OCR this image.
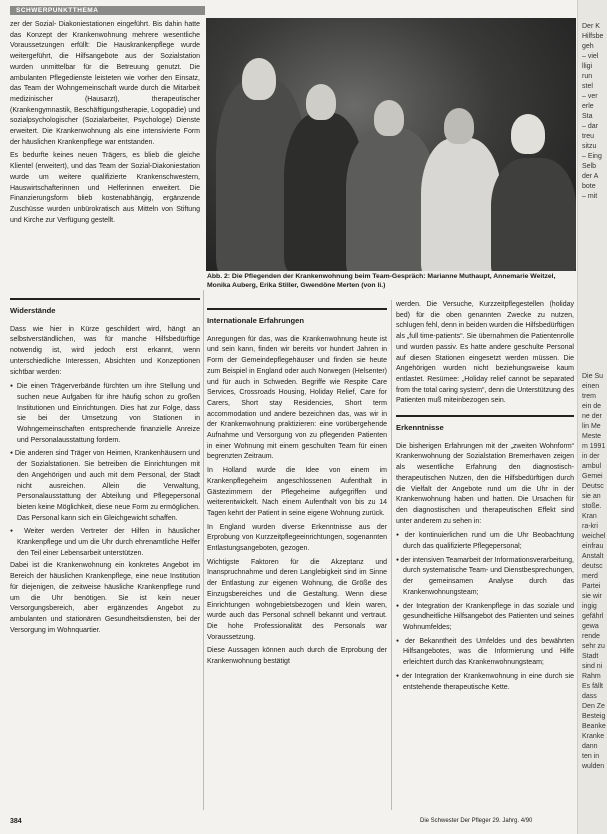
SCHWERPUNKTTHEMA

zer der Sozial- Diakoniestationen eingeführt. Bis dahin hatte das Konzept der Krankenwohnung mehrere wesentliche Voraussetzungen erfüllt: Die Hauskrankenpflege wurde weitergeführt, die Hilfsangebote aus der Sozialstation wurden unmittelbar für die Betreuung genutzt. Die ambulanten Pflegedienste leisteten wie vorher den Einsatz, das Team der Wohngemeinschaft wurde durch die Mitarbeit medizinischer (Hausarzt), therapeutischer (Krankengymnastik, Beschäftigungstherapie, Logopädie) und sozialpsychologischer (Sozialarbeiter, Psychologe) Dienste erweitert. Die Krankenwohnung als eine intensivierte Form der häuslichen Krankenpflege war entstanden.

Es bedurfte keines neuen Trägers, es blieb die gleiche Klientel (erweitert), und das Team der Sozial-Diakoniestation wurde um weitere qualifizierte Krankenschwestern, Hauswirtschafterinnen und Helferinnen erweitert. Die Finanzierungsform blieb kostenabhängig, ergänzende Zuschüsse wurden unbürokratisch aus Mitteln von Stiftung und Kirche zur Verfügung gestellt.

Abb. 2: Die Pflegenden der Krankenwohnung beim Team-Gespräch: Marianne Muthaupt, Annemarie Weitzel, Monika Auberg, Erika Stiller, Gwendöne Merten (von li.)
Widerstände

Dass wie hier in Kürze geschildert wird, hängt an selbstverständlichen, was für manche Hilfsbedürftige notwendig ist, wird jedoch erst erkannt, wenn unterschiedliche Interessen, Absichten und Konzeptionen sichtbar werden:

● Die einen Trägerverbände fürchten um ihre Stellung und suchen neue Aufgaben für ihre häufig schon zu großen Institutionen und Einrichtungen. Dies hat zur Folge, dass sie bei der Umsetzung von Stationen in Wohngemeinschaften entsprechende finanzielle Anreize und Personalausstattung fordern.
● Die anderen sind Träger von Heimen, Krankenhäusern und der Sozialstationen. Sie betreiben die Einrichtungen mit den Angehörigen und auch mit dem Personal, der Stadt nicht ausreichen. Allein die Verwaltung, Personalausstattung der Abteilung und Pflegepersonal bieten keine Möglichkeit, diese neue Form zu ermöglichen. Das Personal kann sich ein Gleichgewicht schaffen.
● Weiter werden Vertreter der Hilfen in häuslicher Krankenpflege und um die Uhr durch ehrenamtliche Helfer den Teil einer Lebensarbeit unterstützen.

Dabei ist die Krankenwohnung ein konkretes Angebot im Bereich der häuslichen Krankenpflege, eine neue Institution für diejenigen, die zeitweise häusliche Krankenpflege rund um die Uhr benötigen. Sie ist kein neuer Versorgungsbereich, aber ergänzendes Angebot zu ambulanten und stationären Gesundheitsdiensten, bei der Versorgung im Wohnquartier.

Internationale Erfahrungen

Anregungen für das, was die Krankenwohnung heute ist und sein kann, finden wir bereits vor hundert Jahren in Form der Gemeindepflegehäuser und finden sie heute zum Beispiel in England oder auch Norwegen (Helsenter) und für auch in Schweden. Begriffe wie Respite Care Services, Crossroads Housing, Holiday Relief, Care for Carers, Short stay Residencies, Short term accommodation und andere bezeichnen das, was wir in der Krankenwohnung praktizieren: eine vorübergehende Aufnahme und Versorgung von zu pflegenden Patienten in einer Wohnung mit einem geschulten Team für einen begrenzten Zeitraum.

In Holland wurde die Idee von einem im Krankenpflegeheim angeschlossenen Aufenthalt in Gästezimmern der Pflegeheime aufgegriffen und weiterentwickelt. Nach einem Aufenthalt von bis zu 14 Tagen kehrt der Patient in seine eigene Wohnung zurück.

In England wurden diverse Erkenntnisse aus der Erprobung von Kurzzeitpflegeeinrichtungen, sogenannten Entlastungsangeboten, gezogen.

Wichtigste Faktoren für die Akzeptanz und Inanspruchnahme und deren Langlebigkeit sind im Sinne der Entlastung zur eigenen Wohnung, die Größe des Einzugsbereiches und die Gestaltung. Wenn diese Einrichtungen wohngebietsbezogen und klein waren, wurde auch das Personal schnell bekannt und vertraut. Die hohe Professionalität des Personals war Voraussetzung.

Diese Aussagen können auch durch die Erprobung der Krankenwohnung bestätigt

werden. Die Versuche, Kurzzeitpflegestellen (holiday bed) für die oben genannten Zwecke zu nutzen, schlugen fehl, denn in beiden wurden die Hilfsbedürftigen als „full time-patients“. Sie übernahmen die Patientenrolle und wurden passiv. Es hatte andere geschulte Personal auf diesen Stationen eingesetzt werden müssen. Die Angehörigen wurden nicht beziehungsweise kaum entlastet. Resümee: „Holiday relief cannot be separated from the total caring system“, denn die Unterstützung des Patienten muß miteinbezogen sein.

Erkenntnisse

Die bisherigen Erfahrungen mit der „zweiten Wohnform“ Krankenwohnung der Sozialstation Bremerhaven zeigen als wesentliche Erfahrung den diagnostisch-therapeutischen Nutzen, den die Hilfsbedürftigen durch die Vielfalt der Angebote rund um die Uhr in der Krankenwohnung haben und hatten. Die Ursachen für den diagnostischen und therapeutischen Effekt sind unter anderem zu sehen in:

● der kontinuierlichen rund um die Uhr Beobachtung durch das qualifizierte Pflegepersonal;
● der intensiven Teamarbeit der Informationsverarbeitung, durch systematische Team- und Dienstbesprechungen, der gemeinsamen Analyse durch das Krankenwohnungsteam;
● der Integration der Krankenpflege in das soziale und gesundheitliche Hilfsangebot des Patienten und seines Wohnumfeldes;
● der Bekanntheit des Umfeldes und des bewährten Hilfsangebotes, was die Informierung und Hilfe erleichtert durch das Krankenwohnungsteam;
● der Integration der Krankenwohnung in eine durch sie entstehende therapeutische Kette.
384	Die Schwester Der Pfleger 29. Jahrg. 4/90
Der K
Hilfsbe
geh
– viel
lligi
run
stel
– ver
erle
Sta
– dar
treu
sitzu
– Eing
Selb
der A
bote
– mit
Die Su
einen
trem
ein de
ne der
lin Me
Meste
m 1991
in der
ambul
Gemei
Deutsc
sie an
stoße.
Kran
ra-kri
weichel
einfrau
Anstalt
deutsc
merd
Partei
sie wir
ingig
gefährl
gewa
rende
sehr zu
Stadt
sind ni
Rahm
Es fällt
dass
Den Ze
Besteig
Beanke
Kranke
dann
ten in
wulden
